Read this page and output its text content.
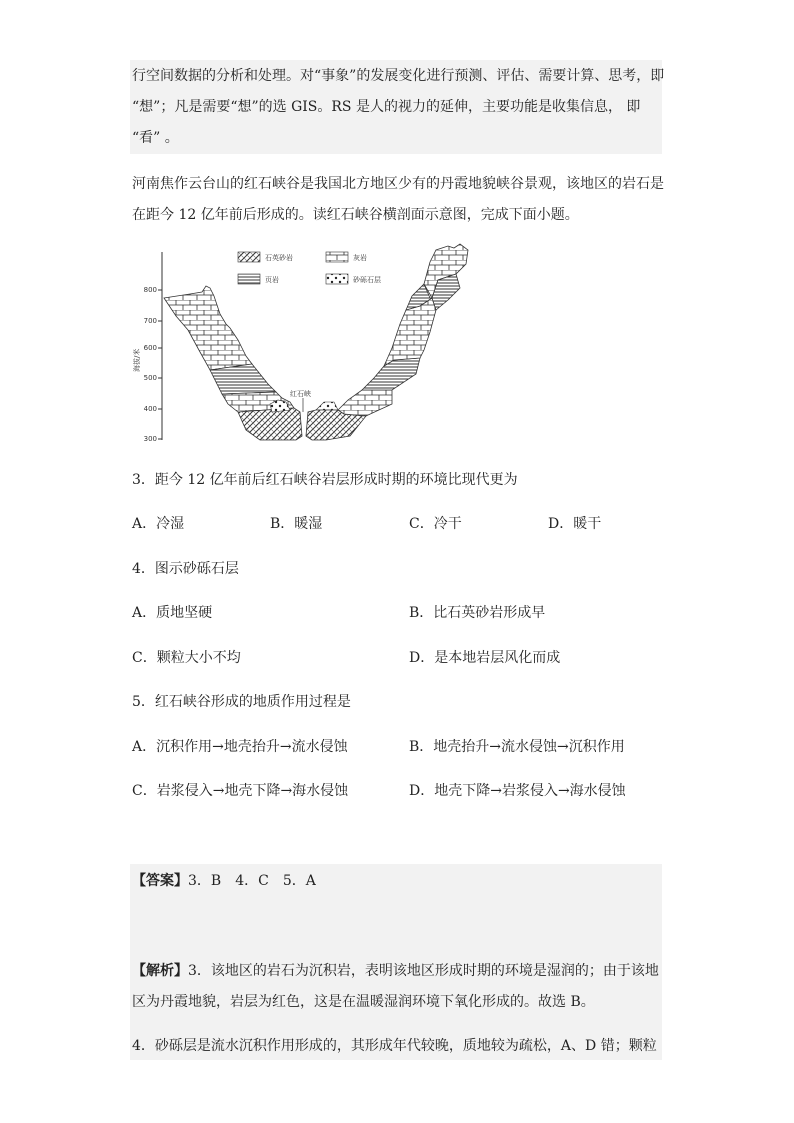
行空间数据的分析和处理。对“事象”的发展变化进行预测、评估、需要计算、思考，即
“想”；凡是需要“想”的选 GIS。RS 是人的视力的延伸，主要功能是收集信息， 即
“看” 。
河南焦作云台山的红石峡谷是我国北方地区少有的丹霞地貌峡谷景观，该地区的岩石是
在距今 12 亿年前后形成的。读红石峡谷横剖面示意图，完成下面小题。
800
700
600
500
400
300
海拔/米
石英砂岩	灰岩
页岩	砂砾石层
红石峡
3．距今 12 亿年前后红石峡谷岩层形成时期的环境比现代更为
A．冷湿	B．暖湿	C．冷干	D．暖干
4．图示砂砾石层
A．质地坚硬	B．比石英砂岩形成早
C．颗粒大小不均	D．是本地岩层风化而成
5．红石峡谷形成的地质作用过程是
A．沉积作用→地壳抬升→流水侵蚀	B．地壳抬升→流水侵蚀→沉积作用
C．岩浆侵入→地壳下降→海水侵蚀	D．地壳下降→岩浆侵入→海水侵蚀
【答案】3．B　4．C　5．A
【解析】3．该地区的岩石为沉积岩，表明该地区形成时期的环境是湿润的；由于该地
区为丹霞地貌，岩层为红色，这是在温暖湿润环境下氧化形成的。故选 B。
4．砂砾层是流水沉积作用形成的，其形成年代较晚，质地较为疏松，A、D 错；颗粒
